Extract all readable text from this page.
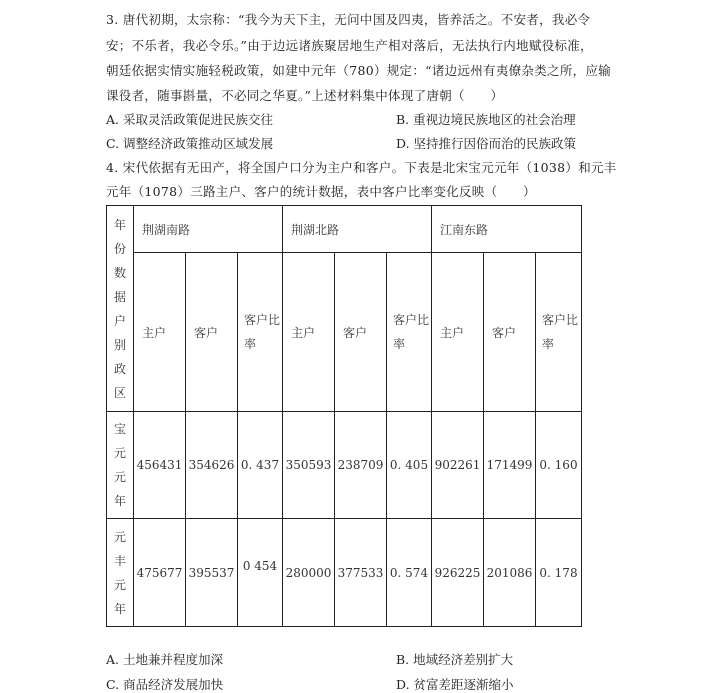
3. 唐代初期，太宗称：“我今为天下主，无问中国及四夷，皆养活之。不安者，我必令
安；不乐者，我必令乐。”由于边远诸族聚居地生产相对落后，无法执行内地赋役标准，
朝廷依据实情实施轻税政策，如建中元年（780）规定：“诸边远州有夷僚杂类之所，应输
课役者，随事斟量，不必同之华夏。”上述材料集中体现了唐朝（　　）
A. 采取灵活政策促进民族交往	B. 重视边境民族地区的社会治理
C. 调整经济政策推动区域发展	D. 坚持推行因俗而治的民族政策
4. 宋代依据有无田产，将全国户口分为主户和客户。下表是北宋宝元元年（1038）和元丰
元年（1078）三路主户、客户的统计数据，表中客户比率变化反映（　　）
年
份
数
据
户
别
政
区
	荆湖南路	荆湖北路	江南东路
	主户	客户	客户比率	主户	客户	客户比率	主户	客户	客户比率

宝
元
元
年	456431	354626	0. 437	350593	238709	0. 405	902261	171499	0. 160

元
丰
元
年	475677	395537	0 454	280000	377533	0. 574	926225	201086	0. 178
A. 土地兼并程度加深	B. 地域经济差别扩大
C. 商品经济发展加快	D. 贫富差距逐渐缩小
